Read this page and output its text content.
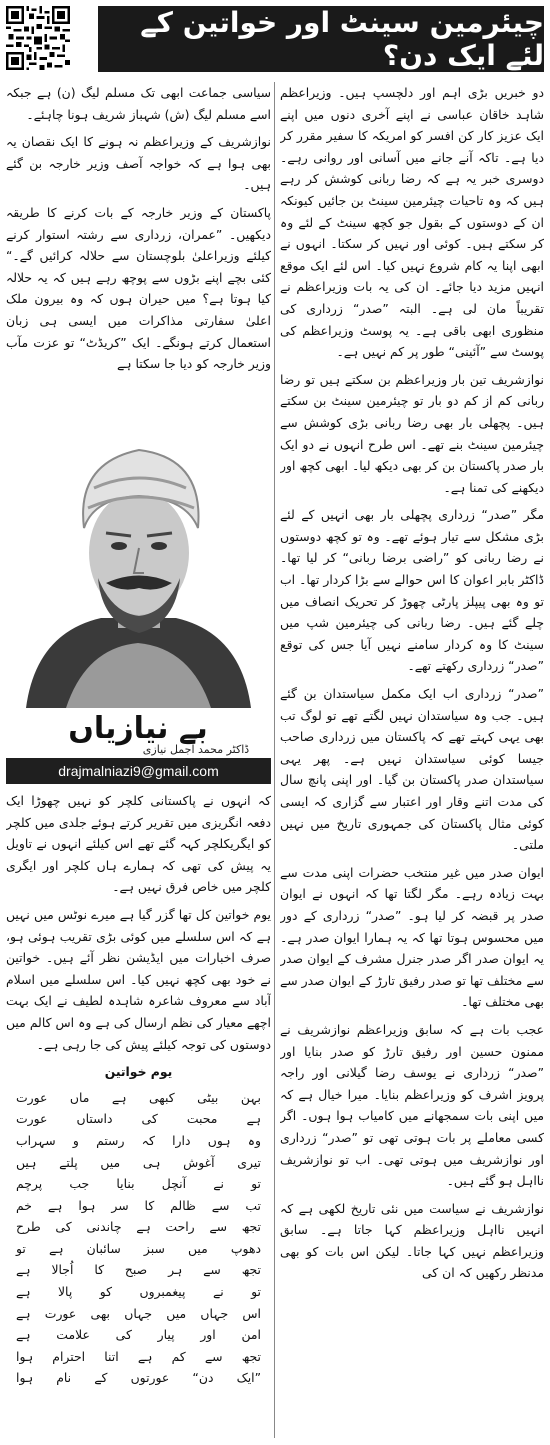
چیئرمین سینٹ اور خواتین کے لئے ایک دن؟

دو خبریں بڑی اہم اور دلچسپ ہیں۔ وزیراعظم شاہد خاقان عباسی نے اپنے آخری دنوں میں اپنے ایک عزیز کار کن افسر کو امریکہ کا سفیر مقرر کر دیا ہے۔ تاکہ آنے جانے میں آسانی اور روانی رہے۔ دوسری خبر یہ ہے کہ رضا ربانی کوشش کر رہے ہیں کہ وہ تاحیات چیئرمین سینٹ بن جائیں کیونکہ ان کے دوستوں کے بقول جو کچھ سینٹ کے لئے وہ کر سکتے ہیں۔ کوئی اور نہیں کر سکتا۔ انہوں نے ابھی اپنا یہ کام شروع نہیں کیا۔ اس لئے ایک موقع انہیں مزید دیا جائے۔ ان کی یہ بات وزیراعظم نے تقریباً مان لی ہے۔ البتہ ”صدر“ زرداری کی منظوری ابھی باقی ہے۔ یہ پوسٹ وزیراعظم کی پوسٹ سے ”آئینی“ طور پر کم نہیں ہے۔

نوازشریف تین بار وزیراعظم بن سکتے ہیں تو رضا ربانی کم از کم دو بار تو چیئرمین سینٹ بن سکتے ہیں۔ پچھلی بار بھی رضا ربانی بڑی کوشش سے چیئرمین سینٹ بنے تھے۔ اس طرح انہوں نے دو ایک بار صدر پاکستان بن کر بھی دیکھ لیا۔ ابھی کچھ اور دیکھنے کی تمنا ہے۔

مگر ”صدر“ زرداری پچھلی بار بھی انہیں کے لئے بڑی مشکل سے تیار ہوئے تھے۔ وہ تو کچھ دوستوں نے رضا ربانی کو ”راضی برضا ربانی“ کر لیا تھا۔ ڈاکٹر بابر اعوان کا اس حوالے سے بڑا کردار تھا۔ اب تو وہ بھی پیپلز پارٹی چھوڑ کر تحریک انصاف میں چلے گئے ہیں۔ رضا ربانی کی چیئرمین شپ میں سینٹ کا وہ کردار سامنے نہیں آیا جس کی توقع ”صدر“ زرداری رکھتے تھے۔

”صدر“ زرداری اب ایک مکمل سیاستدان بن گئے ہیں۔ جب وہ سیاستدان نہیں لگتے تھے تو لوگ تب بھی یہی کہتے تھے کہ پاکستان میں زرداری صاحب جیسا کوئی سیاستدان نہیں ہے۔ پھر یہی سیاستدان صدر پاکستان بن گیا۔ اور اپنی پانچ سال کی مدت اتنے وقار اور اعتبار سے گزاری کہ ایسی کوئی مثال پاکستان کی جمہوری تاریخ میں نہیں ملتی۔

ایوان صدر میں غیر منتخب حضرات اپنی مدت سے بہت زیادہ رہے۔ مگر لگتا تھا کہ انہوں نے ایوان صدر پر قبضہ کر لیا ہو۔ ”صدر“ زرداری کے دور میں محسوس ہوتا تھا کہ یہ ہمارا ایوان صدر ہے۔ یہ ایوان صدر اگر صدر جنرل مشرف کے ایوان صدر سے مختلف تھا تو صدر رفیق تارڑ کے ایوان صدر سے بھی مختلف تھا۔

عجب بات ہے کہ سابق وزیراعظم نوازشریف نے ممنون حسین اور رفیق تارڑ کو صدر بنایا اور ”صدر“ زرداری نے یوسف رضا گیلانی اور راجہ پرویز اشرف کو وزیراعظم بنایا۔ میرا خیال ہے کہ میں اپنی بات سمجھانے میں کامیاب ہوا ہوں۔ اگر کسی معاملے پر بات ہوتی تھی تو ”صدر“ زرداری اور نوازشریف میں ہوتی تھی۔ اب تو نوازشریف نااہل ہو گئے ہیں۔

نوازشریف نے سیاست میں نئی تاریخ لکھی ہے کہ انہیں نااہل وزیراعظم کہا جاتا ہے۔ سابق وزیراعظم نہیں کہا جاتا۔ لیکن اس بات کو بھی مدنظر رکھیں کہ ان کی

سیاسی جماعت ابھی تک مسلم لیگ (ن) ہے جبکہ اسے مسلم لیگ (ش) شہباز شریف ہونا چاہئے۔

نوازشریف کے وزیراعظم نہ ہونے کا ایک نقصان یہ بھی ہوا ہے کہ خواجہ آصف وزیر خارجہ بن گئے ہیں۔

پاکستان کے وزیر خارجہ کے بات کرنے کا طریقہ دیکھیں۔ ”عمران، زرداری سے رشتہ استوار کرنے کیلئے وزیراعلیٰ بلوچستان سے حلالہ کرائیں گے۔“ کئی بچے اپنے بڑوں سے پوچھ رہے ہیں کہ یہ حلالہ کیا ہوتا ہے؟ میں حیران ہوں کہ وہ بیرون ملک اعلیٰ سفارتی مذاکرات میں ایسی ہی زبان استعمال کرتے ہونگے۔ ایک ”کریڈٹ“ تو عزت مآب وزیر خارجہ کو دیا جا سکتا ہے

بے نیازیاں
ڈاکٹر محمد اجمل نیازی
drajmalniazi9@gmail.com

کہ انہوں نے پاکستانی کلچر کو نہیں چھوڑا ایک دفعہ انگریزی میں تقریر کرتے ہوئے جلدی میں کلچر کو ایگریکلچر کہہ گئے تھے اس کیلئے انہوں نے تاویل یہ پیش کی تھی کہ ہمارے ہاں کلچر اور ایگری کلچر میں خاص فرق نہیں ہے۔

یوم خواتین کل تھا گزر گیا ہے میرے نوٹس میں نہیں ہے کہ اس سلسلے میں کوئی بڑی تقریب ہوئی ہو، صرف اخبارات میں ایڈیشن نظر آئے ہیں۔ خواتین نے خود بھی کچھ نہیں کیا۔ اس سلسلے میں اسلام آباد سے معروف شاعرہ شاہدہ لطیف نے ایک بہت اچھے معیار کی نظم ارسال کی ہے وہ اس کالم میں دوستوں کی توجہ کیلئے پیش کی جا رہی ہے۔

یوم خواتین
بہن بیٹی کبھی ہے ماں عورت
ہے محبت کی داستاں عورت
وہ ہوں دارا کہ رستم و سہراب
تیری آغوش ہی میں پلتے ہیں
تو نے آنچل بنایا جب پرچم
تب سے ظالم کا سر ہوا ہے خم
تجھ سے راحت ہے چاندنی کی طرح
دھوپ میں سبز سائبان ہے تو
تجھ سے ہر صبح کا اُجالا ہے
تو نے پیغمبروں کو پالا ہے
اس جہاں میں جہاں بھی عورت ہے
امن اور پیار کی علامت ہے
تجھ سے کم ہے اتنا احترام ہوا
”ایک دن“ عورتوں کے نام ہوا
